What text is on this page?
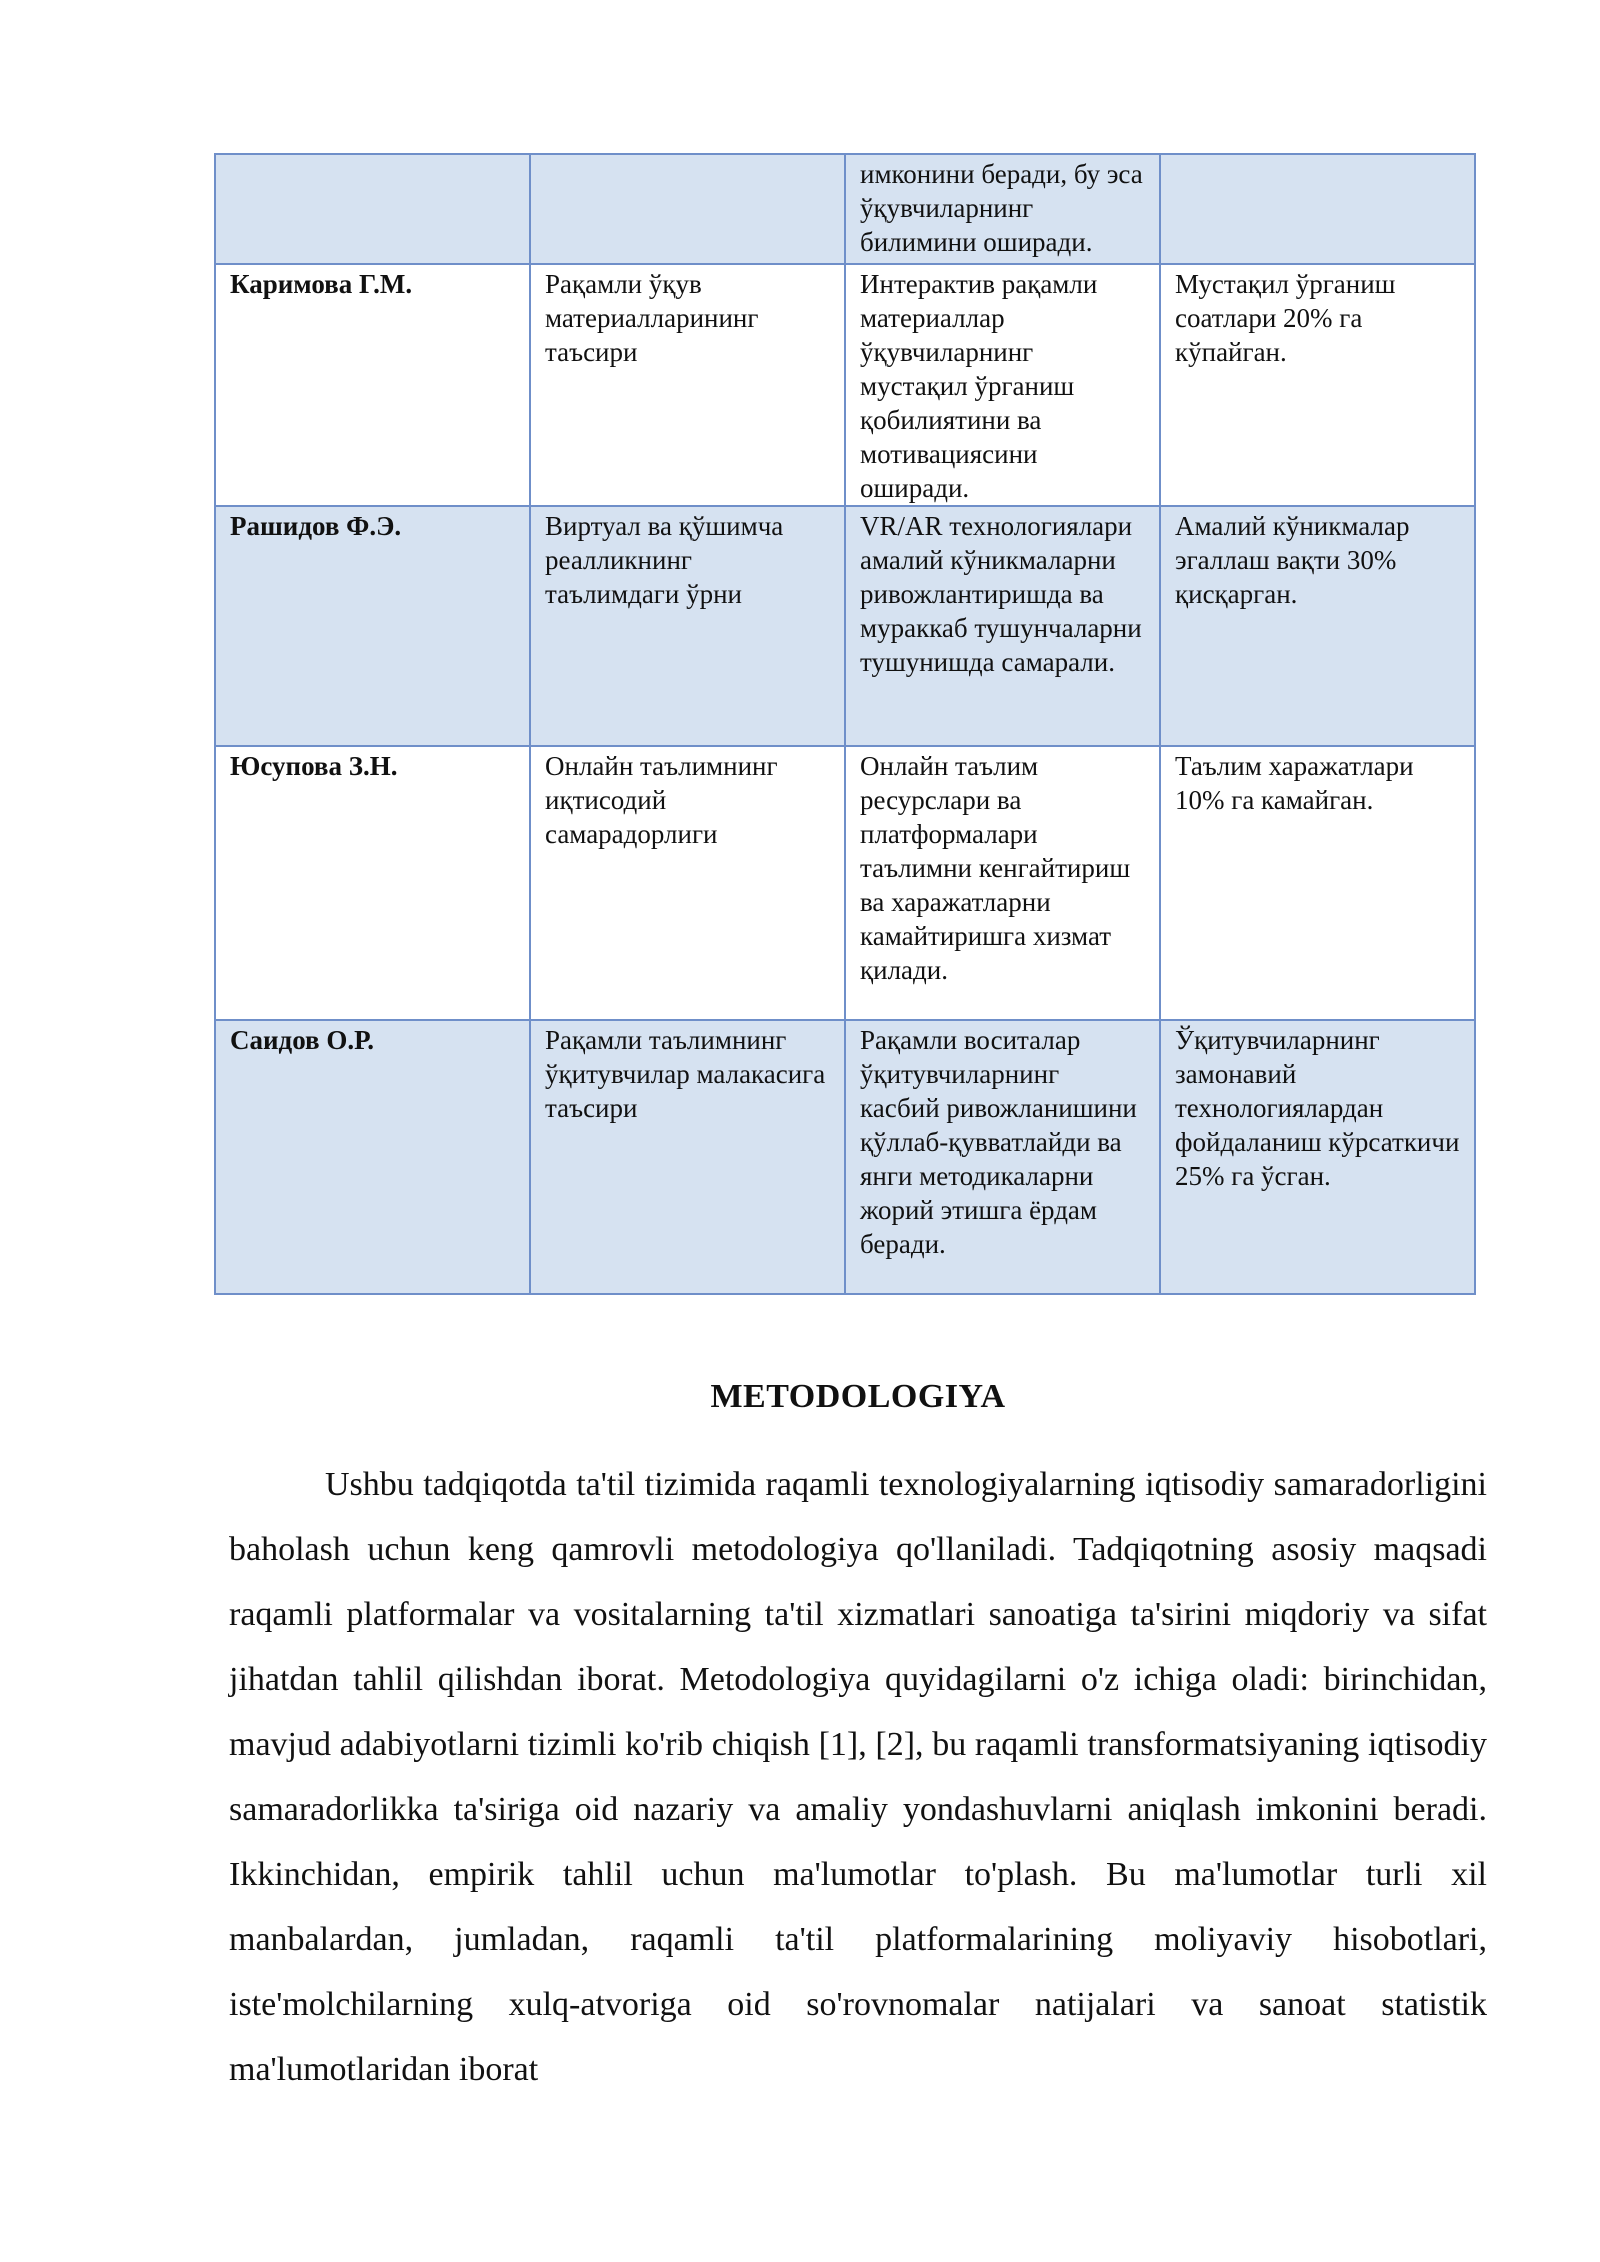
		имконини беради, бу эса ўқувчиларнинг билимини оширади.	
Каримова Г.М.	Рақамли ўқув материалларининг таъсири	Интерактив рақамли материаллар ўқувчиларнинг мустақил ўрганиш қобилиятини ва мотивациясини оширади.	Мустақил ўрганиш соатлари 20% га кўпайган.
Рашидов Ф.Э.	Виртуал ва қўшимча реалликнинг таълимдаги ўрни	VR/AR технологиялари амалий кўникмаларни ривожлантиришда ва мураккаб тушунчаларни тушунишда самарали.	Амалий кўникмалар эгаллаш вақти 30% қисқарган.
Юсупова З.Н.	Онлайн таълимнинг иқтисодий самарадорлиги	Онлайн таълим ресурслари ва платформалари таълимни кенгайтириш ва харажатларни камайтиришга хизмат қилади.	Таълим харажатлари 10% га камайган.
Саидов О.Р.	Рақамли таълимнинг ўқитувчилар малакасига таъсири	Рақамли воситалар ўқитувчиларнинг касбий ривожланишини қўллаб-қувватлайди ва янги методикаларни жорий этишга ёрдам беради.	Ўқитувчиларнинг замонавий технологиялардан фойдаланиш кўрсаткичи 25% га ўсган.
METODOLOGIYA

Ushbu tadqiqotda ta'til tizimida raqamli texnologiyalarning iqtisodiy samaradorligini baholash uchun keng qamrovli metodologiya qo'llaniladi. Tadqiqotning asosiy maqsadi raqamli platformalar va vositalarning ta'til xizmatlari sanoatiga ta'sirini miqdoriy va sifat jihatdan tahlil qilishdan iborat. Metodologiya quyidagilarni o'z ichiga oladi: birinchidan, mavjud adabiyotlarni tizimli ko'rib chiqish [1], [2], bu raqamli transformatsiyaning iqtisodiy samaradorlikka ta'siriga oid nazariy va amaliy yondashuvlarni aniqlash imkonini beradi. Ikkinchidan, empirik tahlil uchun ma'lumotlar to'plash. Bu ma'lumotlar turli xil manbalardan, jumladan, raqamli ta'til platformalarining moliyaviy hisobotlari, iste'molchilarning xulq-atvoriga oid so'rovnomalar natijalari va sanoat statistik ma'lumotlaridan iborat
